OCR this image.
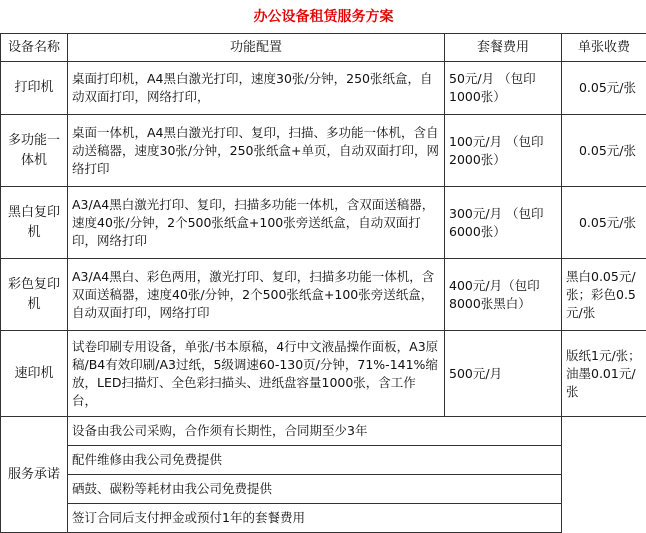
办公设备租赁服务方案			
设备名称	功能配置	套餐费用	单张收费
打印机	桌面打印机，A4黑白激光打印，速度30张/分钟，250张纸盒，自动双面打印，网络打印，	50元/月 （包印1000张）	0.05元/张
多功能一体机	桌面一体机，A4黑白激光打印、复印，扫描、多功能一体机，含自动送稿器，速度30张/分钟，250张纸盒+单页，自动双面打印，网络打印	100元/月 （包印2000张）	0.05元/张
黑白复印机	A3/A4黑白激光打印、复印，扫描多功能一体机，含双面送稿器，速度40张/分钟，2个500张纸盒+100张旁送纸盒，自动双面打印，网络打印	300元/月 （包印6000张）	0.05元/张
彩色复印机	A3/A4黑白、彩色两用，激光打印、复印，扫描多功能一体机，含双面送稿器，速度40张/分钟，2个500张纸盒+100张旁送纸盒，自动双面打印，网络打印	400元/月（包印8000张黑白）	黑白0.05元/张；彩色0.5元/张
速印机	试卷印刷专用设备，单张/书本原稿，4行中文液晶操作面板，A3原稿/B4有效印刷/A3过纸，5级调速60-130页/分钟，71%-141%缩放，LED扫描灯、全色彩扫描头、进纸盘容量1000张，含工作台，	500元/月	版纸1元/张；油墨0.01元/张
服务承诺	设备由我公司采购，合作须有长期性，合同期至少3年		
	配件维修由我公司免费提供		
	硒鼓、碳粉等耗材由我公司免费提供		
	签订合同后支付押金或预付1年的套餐费用		
